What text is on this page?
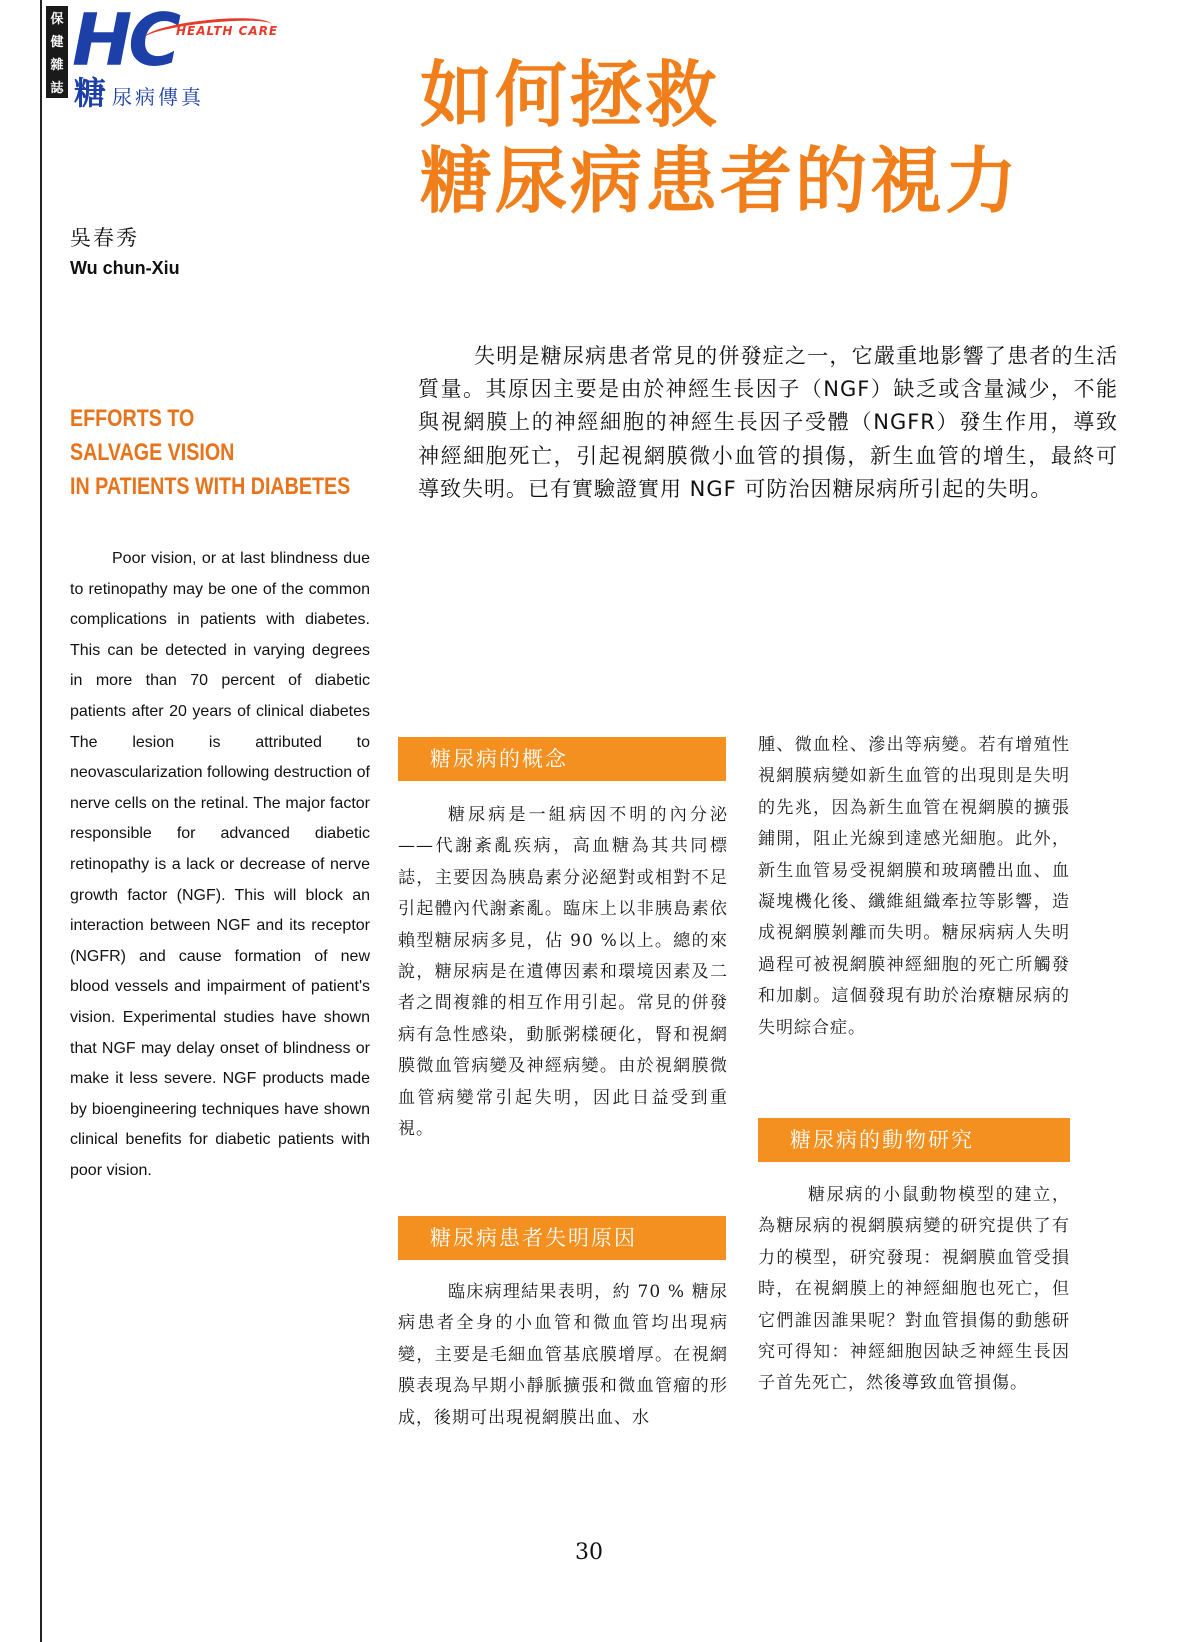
保
健
雜
誌
HC
HEALTH CARE
糖尿病傳真	如何拯救
糖尿病患者的視力
吳春秀
Wu chun-Xiu
EFFORTS TO
SALVAGE VISION
IN PATIENTS WITH DIABETES
Poor vision, or at last blindness due to retinopathy may be one of the common complications in patients with diabetes. This can be detected in varying degrees in more than 70 percent of diabetic patients after 20 years of clinical diabetes The lesion is attributed to neovascularization following destruction of nerve cells on the retinal. The major factor responsible for advanced diabetic retinopathy is a lack or decrease of nerve growth factor (NGF). This will block an interaction between NGF and its receptor (NGFR) and cause formation of new blood vessels and impairment of patient's vision. Experimental studies have shown that NGF may delay onset of blindness or make it less severe. NGF products made by bioengineering techniques have shown clinical benefits for diabetic patients with poor vision.
失明是糖尿病患者常見的併發症之一，它嚴重地影響了患者的生活質量。其原因主要是由於神經生長因子（NGF）缺乏或含量減少，不能與視網膜上的神經細胞的神經生長因子受體（NGFR）發生作用，導致神經細胞死亡，引起視網膜微小血管的損傷，新生血管的增生，最終可導致失明。已有實驗證實用 NGF 可防治因糖尿病所引起的失明。
糖尿病的概念

糖尿病是一組病因不明的內分泌——代謝紊亂疾病，高血糖為其共同標誌，主要因為胰島素分泌絕對或相對不足引起體內代謝紊亂。臨床上以非胰島素依賴型糖尿病多見，佔 90 %以上。總的來說，糖尿病是在遺傳因素和環境因素及二者之間複雜的相互作用引起。常見的併發病有急性感染，動脈粥樣硬化，腎和視網膜微血管病變及神經病變。由於視網膜微血管病變常引起失明，因此日益受到重視。

糖尿病患者失明原因

臨床病理結果表明，約 70 % 糖尿病患者全身的小血管和微血管均出現病變，主要是毛細血管基底膜增厚。在視網膜表現為早期小靜脈擴張和微血管瘤的形成，後期可出現視網膜出血、水

腫、微血栓、滲出等病變。若有增殖性視網膜病變如新生血管的出現則是失明的先兆，因為新生血管在視網膜的擴張鋪開，阻止光線到達感光細胞。此外，新生血管易受視網膜和玻璃體出血、血凝塊機化後、纖維組織牽拉等影響，造成視網膜剝離而失明。糖尿病病人失明過程可被視網膜神經細胞的死亡所觸發和加劇。這個發現有助於治療糖尿病的失明綜合症。

糖尿病的動物研究

糖尿病的小鼠動物模型的建立，為糖尿病的視網膜病變的研究提供了有力的模型，研究發現：視網膜血管受損時，在視網膜上的神經細胞也死亡，但它們誰因誰果呢？對血管損傷的動態研究可得知：神經細胞因缺乏神經生長因子首先死亡，然後導致血管損傷。

30
